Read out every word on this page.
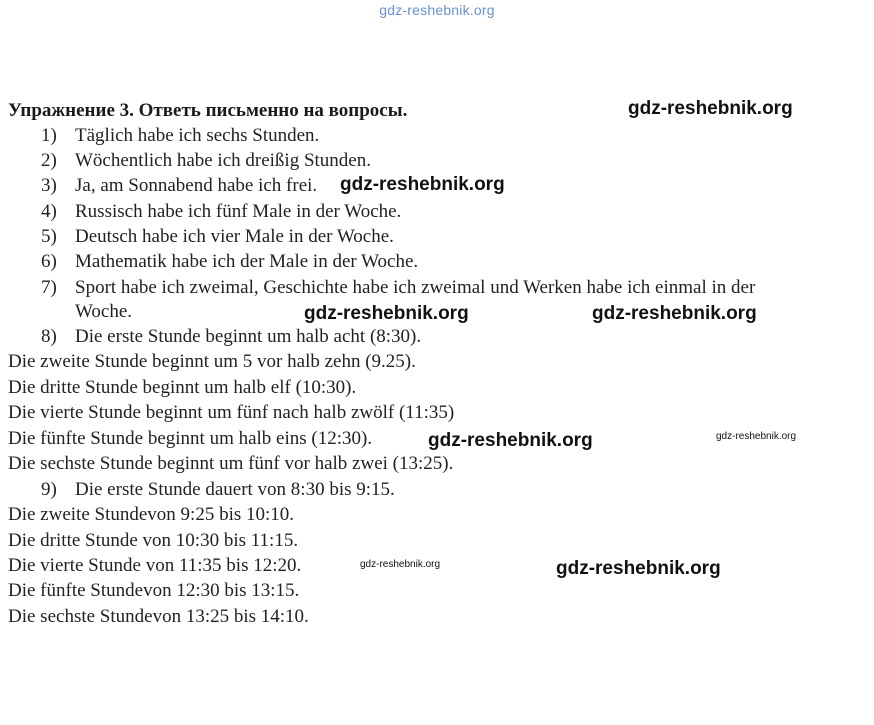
gdz-reshebnik.org
Упражнение 3. Ответь письменно на вопросы.
1) Täglich habe ich sechs Stunden.
2) Wöchentlich habe ich dreißig Stunden.
3) Ja, am Sonnabend habe ich frei.
4) Russisch habe ich fünf Male in der Woche.
5) Deutsch habe ich vier Male in der Woche.
6) Mathematik habe ich der Male in der Woche.
7) Sport habe ich zweimal, Geschichte habe ich zweimal und Werken habe ich einmal in der
Woche.
8) Die erste Stunde beginnt um halb acht (8:30).
Die zweite Stunde beginnt um 5 vor halb zehn (9.25).
Die dritte Stunde beginnt um halb elf (10:30).
Die vierte Stunde beginnt um fünf nach halb zwölf (11:35)
Die fünfte Stunde beginnt um halb eins (12:30).
Die sechste Stunde beginnt um fünf vor halb zwei (13:25).
9) Die erste Stunde dauert von 8:30 bis 9:15.
Die zweite Stundevon 9:25 bis 10:10.
Die dritte Stunde von 10:30 bis 11:15.
Die vierte Stunde von 11:35 bis 12:20.
Die fünfte Stundevon 12:30 bis 13:15.
Die sechste Stundevon 13:25 bis 14:10.
gdz-reshebnik.org
gdz-reshebnik.org
gdz-reshebnik.org	gdz-reshebnik.org
gdz-reshebnik.org	gdz-reshebnik.org
gdz-reshebnik.org	gdz-reshebnik.org
